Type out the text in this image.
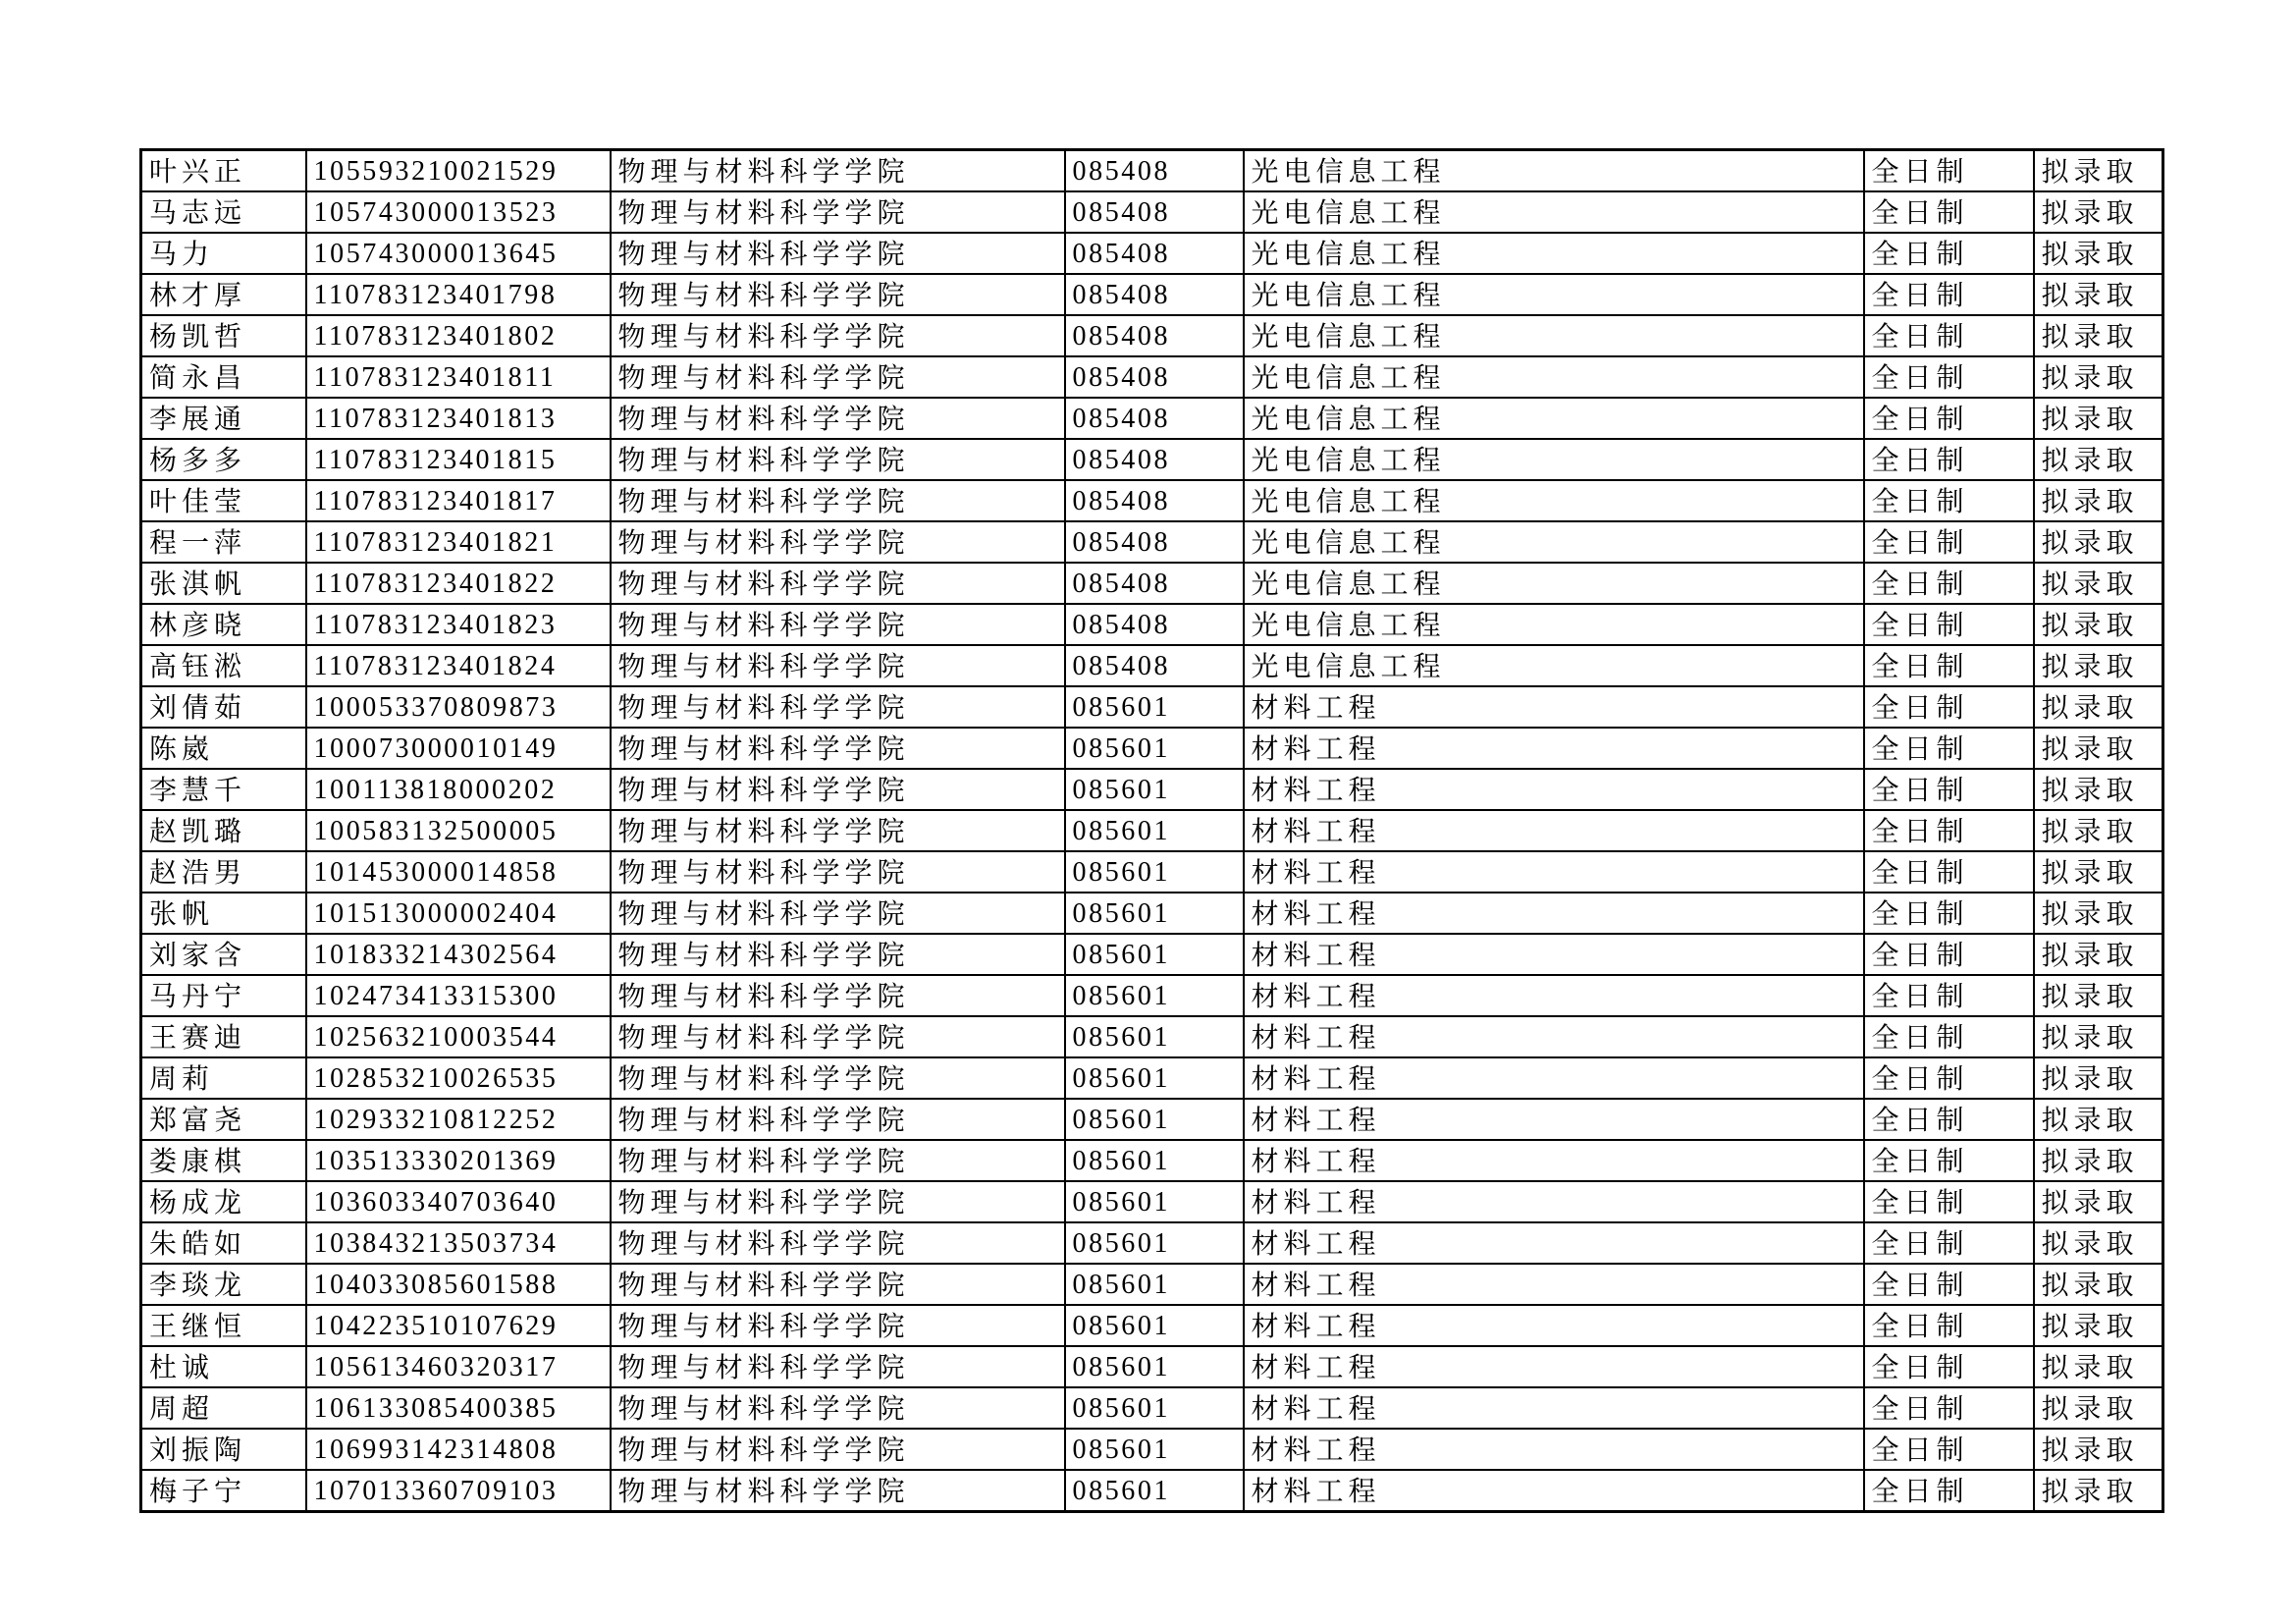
叶兴正	105593210021529	物理与材料科学学院	085408	光电信息工程	全日制	拟录取
马志远	105743000013523	物理与材料科学学院	085408	光电信息工程	全日制	拟录取
马力	105743000013645	物理与材料科学学院	085408	光电信息工程	全日制	拟录取
林才厚	110783123401798	物理与材料科学学院	085408	光电信息工程	全日制	拟录取
杨凯哲	110783123401802	物理与材料科学学院	085408	光电信息工程	全日制	拟录取
简永昌	110783123401811	物理与材料科学学院	085408	光电信息工程	全日制	拟录取
李展通	110783123401813	物理与材料科学学院	085408	光电信息工程	全日制	拟录取
杨多多	110783123401815	物理与材料科学学院	085408	光电信息工程	全日制	拟录取
叶佳莹	110783123401817	物理与材料科学学院	085408	光电信息工程	全日制	拟录取
程一萍	110783123401821	物理与材料科学学院	085408	光电信息工程	全日制	拟录取
张淇帆	110783123401822	物理与材料科学学院	085408	光电信息工程	全日制	拟录取
林彦晓	110783123401823	物理与材料科学学院	085408	光电信息工程	全日制	拟录取
高钰淞	110783123401824	物理与材料科学学院	085408	光电信息工程	全日制	拟录取
刘倩茹	100053370809873	物理与材料科学学院	085601	材料工程	全日制	拟录取
陈崴	100073000010149	物理与材料科学学院	085601	材料工程	全日制	拟录取
李慧千	100113818000202	物理与材料科学学院	085601	材料工程	全日制	拟录取
赵凯璐	100583132500005	物理与材料科学学院	085601	材料工程	全日制	拟录取
赵浩男	101453000014858	物理与材料科学学院	085601	材料工程	全日制	拟录取
张帆	101513000002404	物理与材料科学学院	085601	材料工程	全日制	拟录取
刘家含	101833214302564	物理与材料科学学院	085601	材料工程	全日制	拟录取
马丹宁	102473413315300	物理与材料科学学院	085601	材料工程	全日制	拟录取
王赛迪	102563210003544	物理与材料科学学院	085601	材料工程	全日制	拟录取
周莉	102853210026535	物理与材料科学学院	085601	材料工程	全日制	拟录取
郑富尧	102933210812252	物理与材料科学学院	085601	材料工程	全日制	拟录取
娄康棋	103513330201369	物理与材料科学学院	085601	材料工程	全日制	拟录取
杨成龙	103603340703640	物理与材料科学学院	085601	材料工程	全日制	拟录取
朱皓如	103843213503734	物理与材料科学学院	085601	材料工程	全日制	拟录取
李琰龙	104033085601588	物理与材料科学学院	085601	材料工程	全日制	拟录取
王继恒	104223510107629	物理与材料科学学院	085601	材料工程	全日制	拟录取
杜诚	105613460320317	物理与材料科学学院	085601	材料工程	全日制	拟录取
周超	106133085400385	物理与材料科学学院	085601	材料工程	全日制	拟录取
刘振陶	106993142314808	物理与材料科学学院	085601	材料工程	全日制	拟录取
梅子宁	107013360709103	物理与材料科学学院	085601	材料工程	全日制	拟录取
